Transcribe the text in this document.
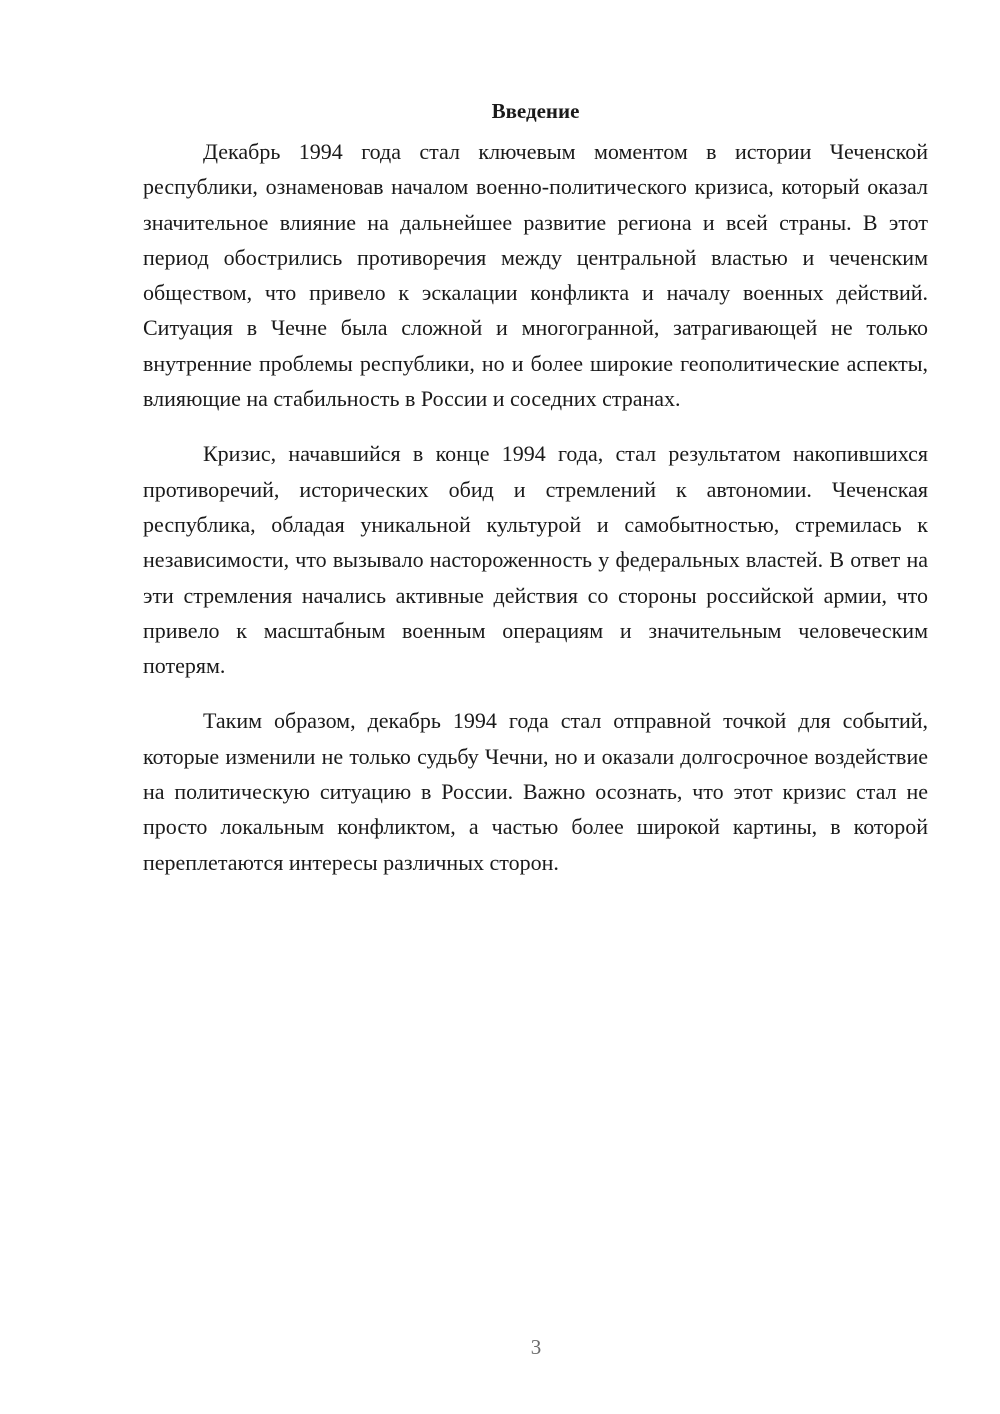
Введение

Декабрь 1994 года стал ключевым моментом в истории Чеченской республики, ознаменовав началом военно-политического кризиса, который оказал значительное влияние на дальнейшее развитие региона и всей страны. В этот период обострились противоречия между центральной властью и чеченским обществом, что привело к эскалации конфликта и началу военных действий. Ситуация в Чечне была сложной и многогранной, затрагивающей не только внутренние проблемы республики, но и более широкие геополитические аспекты, влияющие на стабильность в России и соседних странах.

Кризис, начавшийся в конце 1994 года, стал результатом накопившихся противоречий, исторических обид и стремлений к автономии. Чеченская республика, обладая уникальной культурой и самобытностью, стремилась к независимости, что вызывало настороженность у федеральных властей. В ответ на эти стремления начались активные действия со стороны российской армии, что привело к масштабным военным операциям и значительным человеческим потерям.

Таким образом, декабрь 1994 года стал отправной точкой для событий, которые изменили не только судьбу Чечни, но и оказали долгосрочное воздействие на политическую ситуацию в России. Важно осознать, что этот кризис стал не просто локальным конфликтом, а частью более широкой картины, в которой переплетаются интересы различных сторон.

3
